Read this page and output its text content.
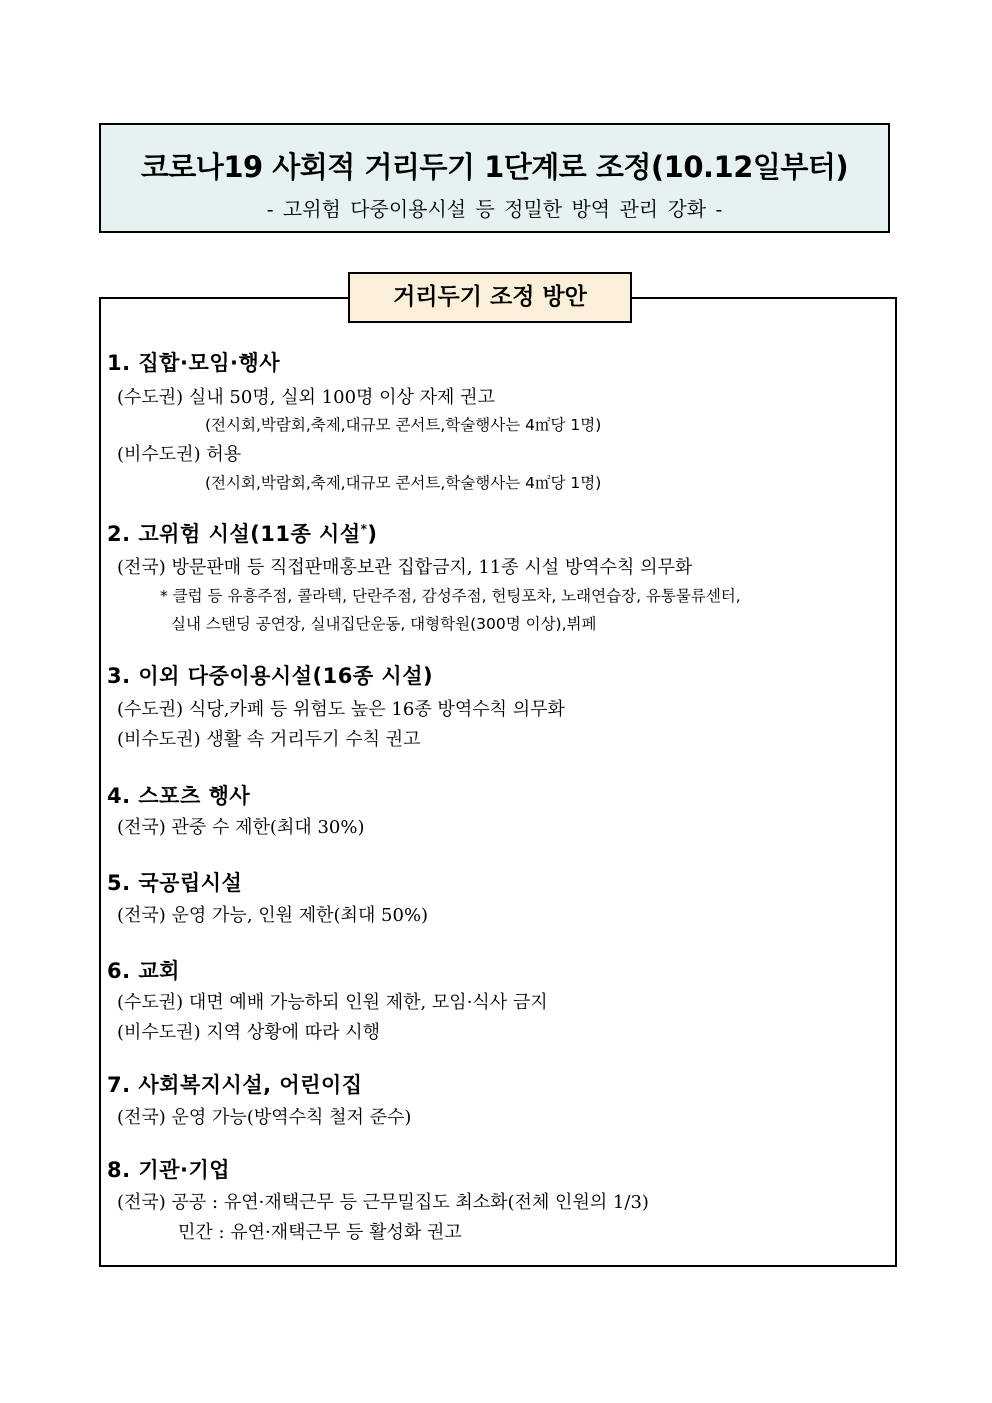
코로나19 사회적 거리두기 1단계로 조정(10.12일부터)
- 고위험 다중이용시설 등 정밀한 방역 관리 강화 -
거리두기 조정 방안
1. 집합·모임·행사
(수도권) 실내 50명, 실외 100명 이상 자제 권고
(전시회,박람회,축제,대규모 콘서트,학술행사는 4㎡당 1명)
(비수도권) 허용
(전시회,박람회,축제,대규모 콘서트,학술행사는 4㎡당 1명)
2. 고위험 시설(11종 시설*)
(전국) 방문판매 등 직접판매홍보관 집합금지, 11종 시설 방역수칙 의무화
* 클럽 등 유흥주점, 콜라텍, 단란주점, 감성주점, 헌팅포차, 노래연습장, 유통물류센터,
실내 스탠딩 공연장, 실내집단운동, 대형학원(300명 이상),뷔페
3. 이외 다중이용시설(16종 시설)
(수도권) 식당,카페 등 위험도 높은 16종 방역수칙 의무화
(비수도권) 생활 속 거리두기 수칙 권고
4. 스포츠 행사
(전국) 관중 수 제한(최대 30%)
5. 국공립시설
(전국) 운영 가능, 인원 제한(최대 50%)
6. 교회
(수도권) 대면 예배 가능하되 인원 제한, 모임·식사 금지
(비수도권) 지역 상황에 따라 시행
7. 사회복지시설, 어린이집
(전국) 운영 가능(방역수칙 철저 준수)
8. 기관·기업
(전국) 공공 : 유연·재택근무 등 근무밀집도 최소화(전체 인원의 1/3)
민간 : 유연·재택근무 등 활성화 권고
